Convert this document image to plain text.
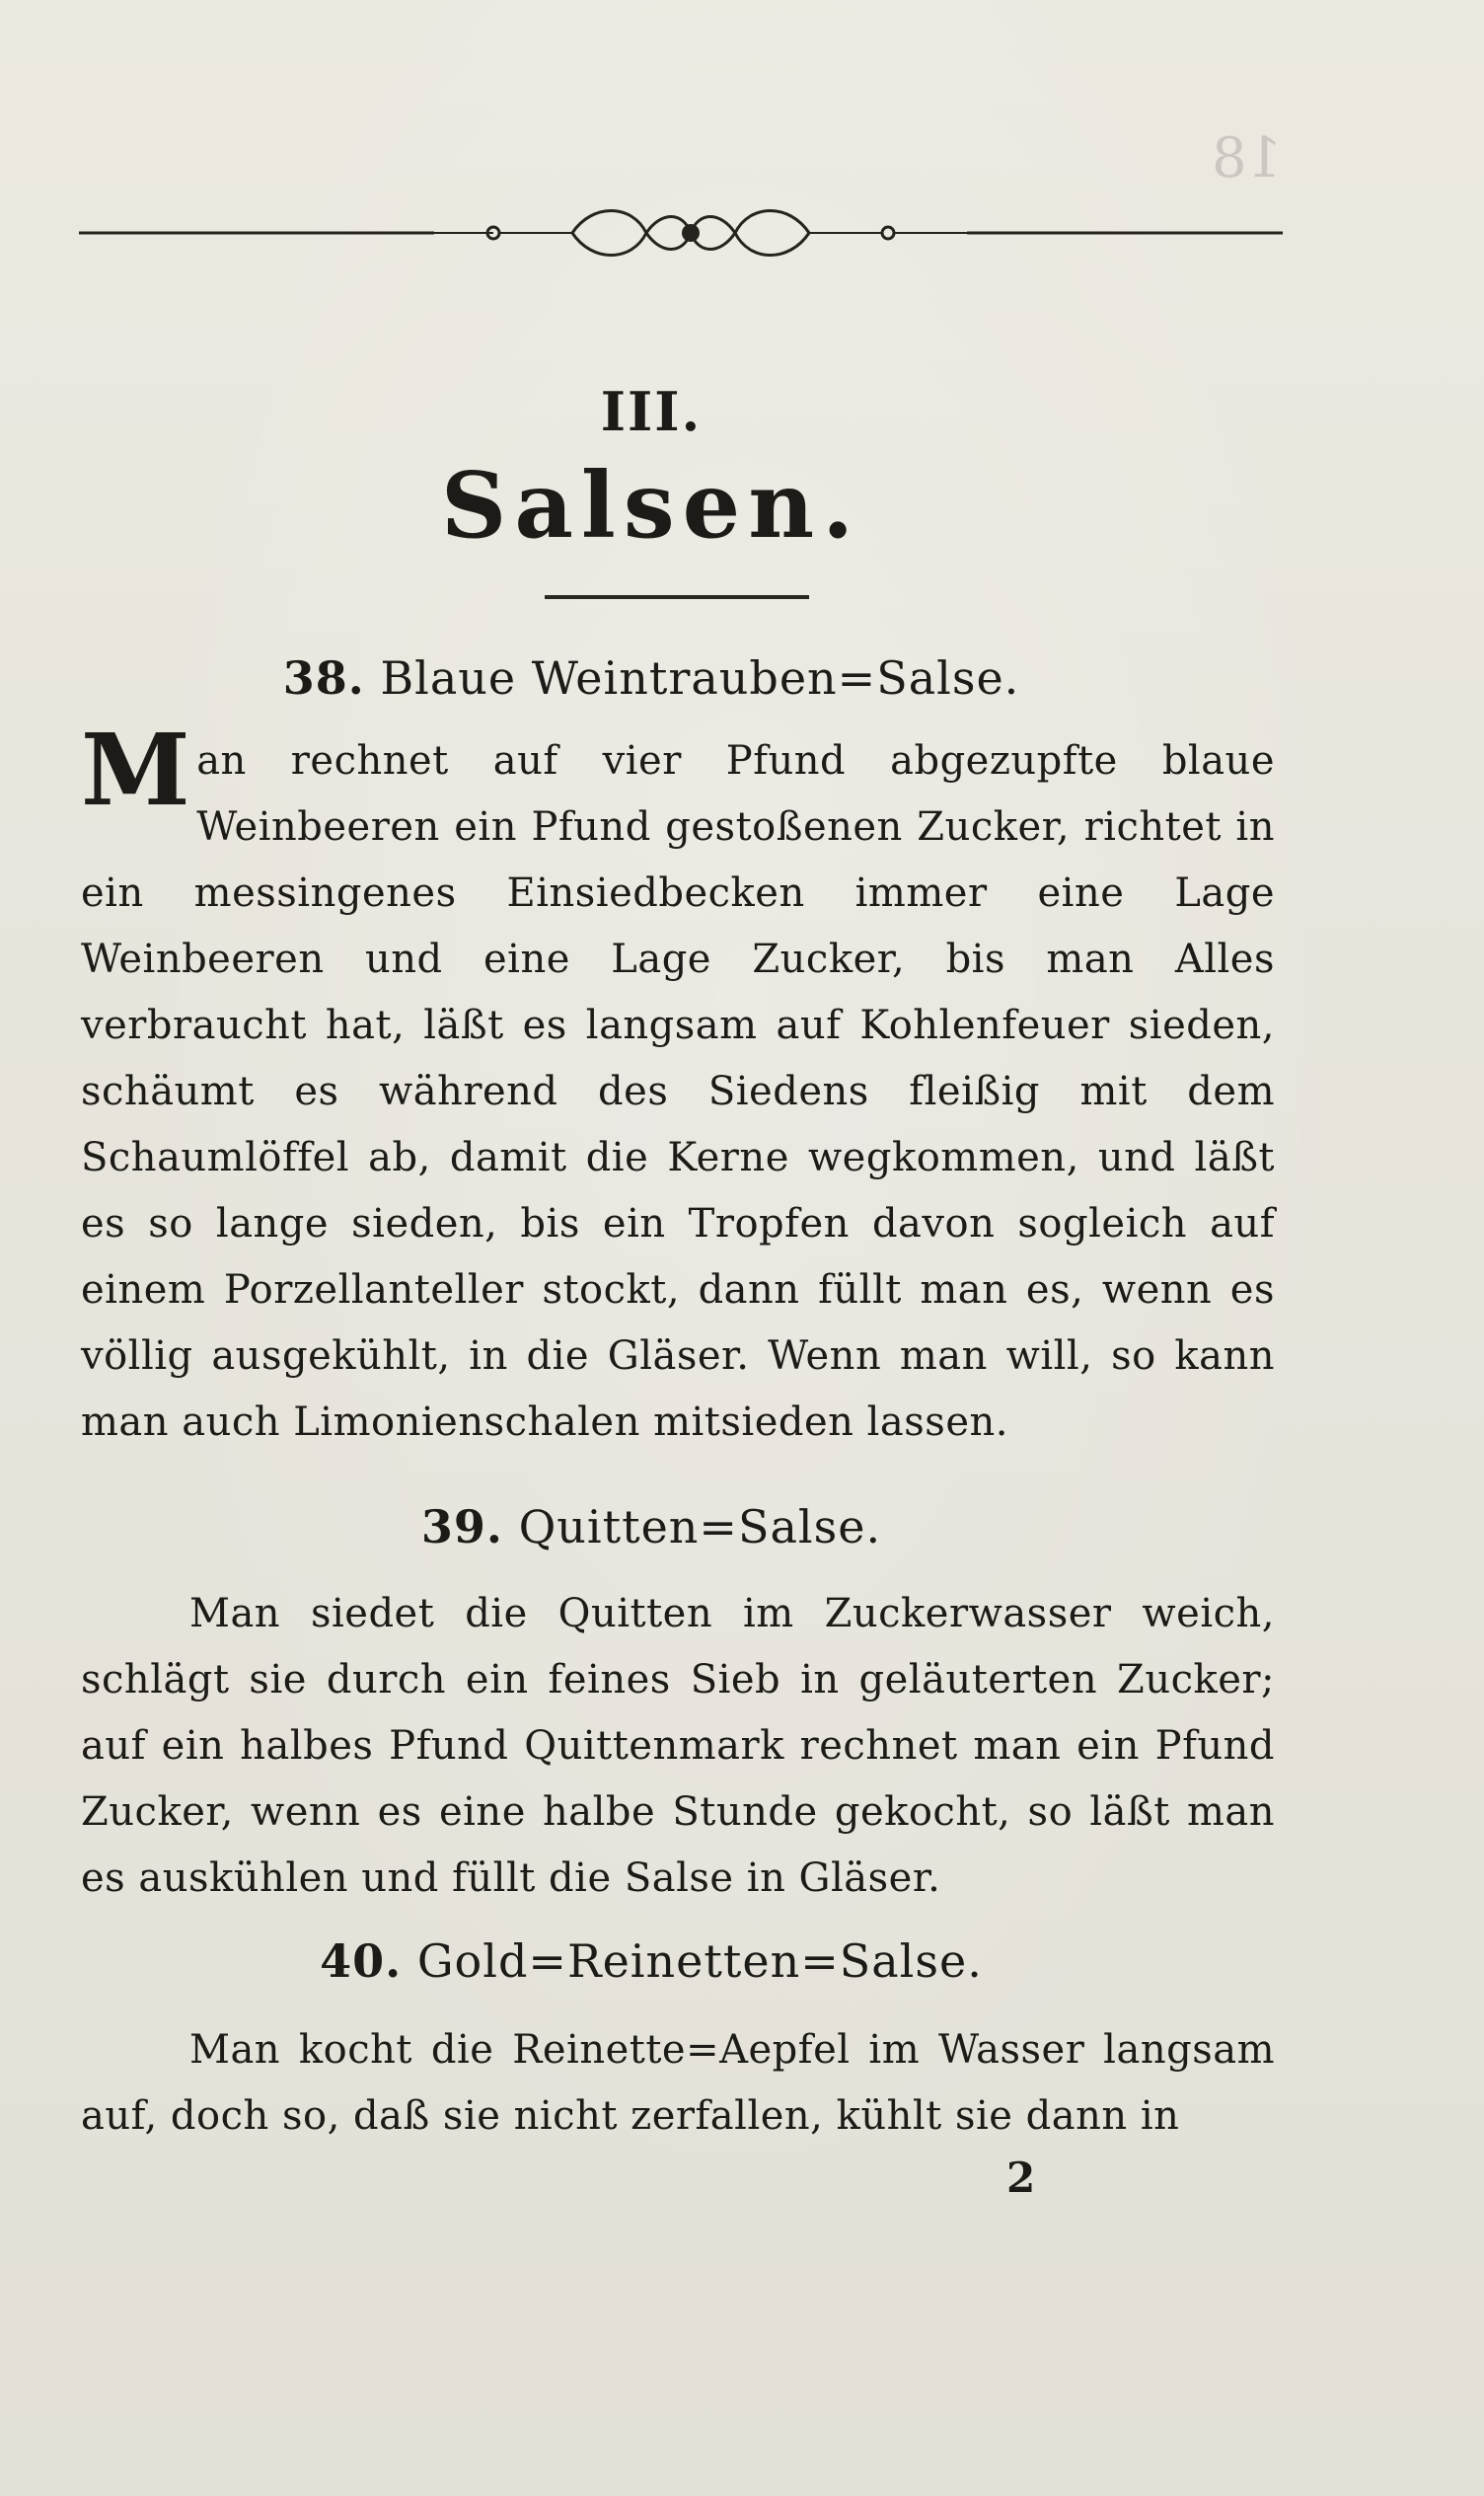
18
III.
Salsen.
38. Blaue Weintrauben=Salse.
Man rechnet auf vier Pfund abgezupfte blaue Weinbeeren ein Pfund gestoßenen Zucker, richtet in ein messingenes Einsiedbecken immer eine Lage Weinbeeren und eine Lage Zucker, bis man Alles verbraucht hat, läßt es langsam auf Kohlenfeuer sieden, schäumt es während des Siedens fleißig mit dem Schaumlöffel ab, damit die Kerne wegkommen, und läßt es so lange sieden, bis ein Tropfen davon sogleich auf einem Porzellanteller stockt, dann füllt man es, wenn es völlig ausgekühlt, in die Gläser. Wenn man will, so kann man auch Limonienschalen mitsieden lassen.
39. Quitten=Salse.
Man siedet die Quitten im Zuckerwasser weich, schlägt sie durch ein feines Sieb in geläuterten Zucker; auf ein halbes Pfund Quittenmark rechnet man ein Pfund Zucker, wenn es eine halbe Stunde gekocht, so läßt man es auskühlen und füllt die Salse in Gläser.
40. Gold=Reinetten=Salse.
Man kocht die Reinette=Aepfel im Wasser langsam auf, doch so, daß sie nicht zerfallen, kühlt sie dann in
2
